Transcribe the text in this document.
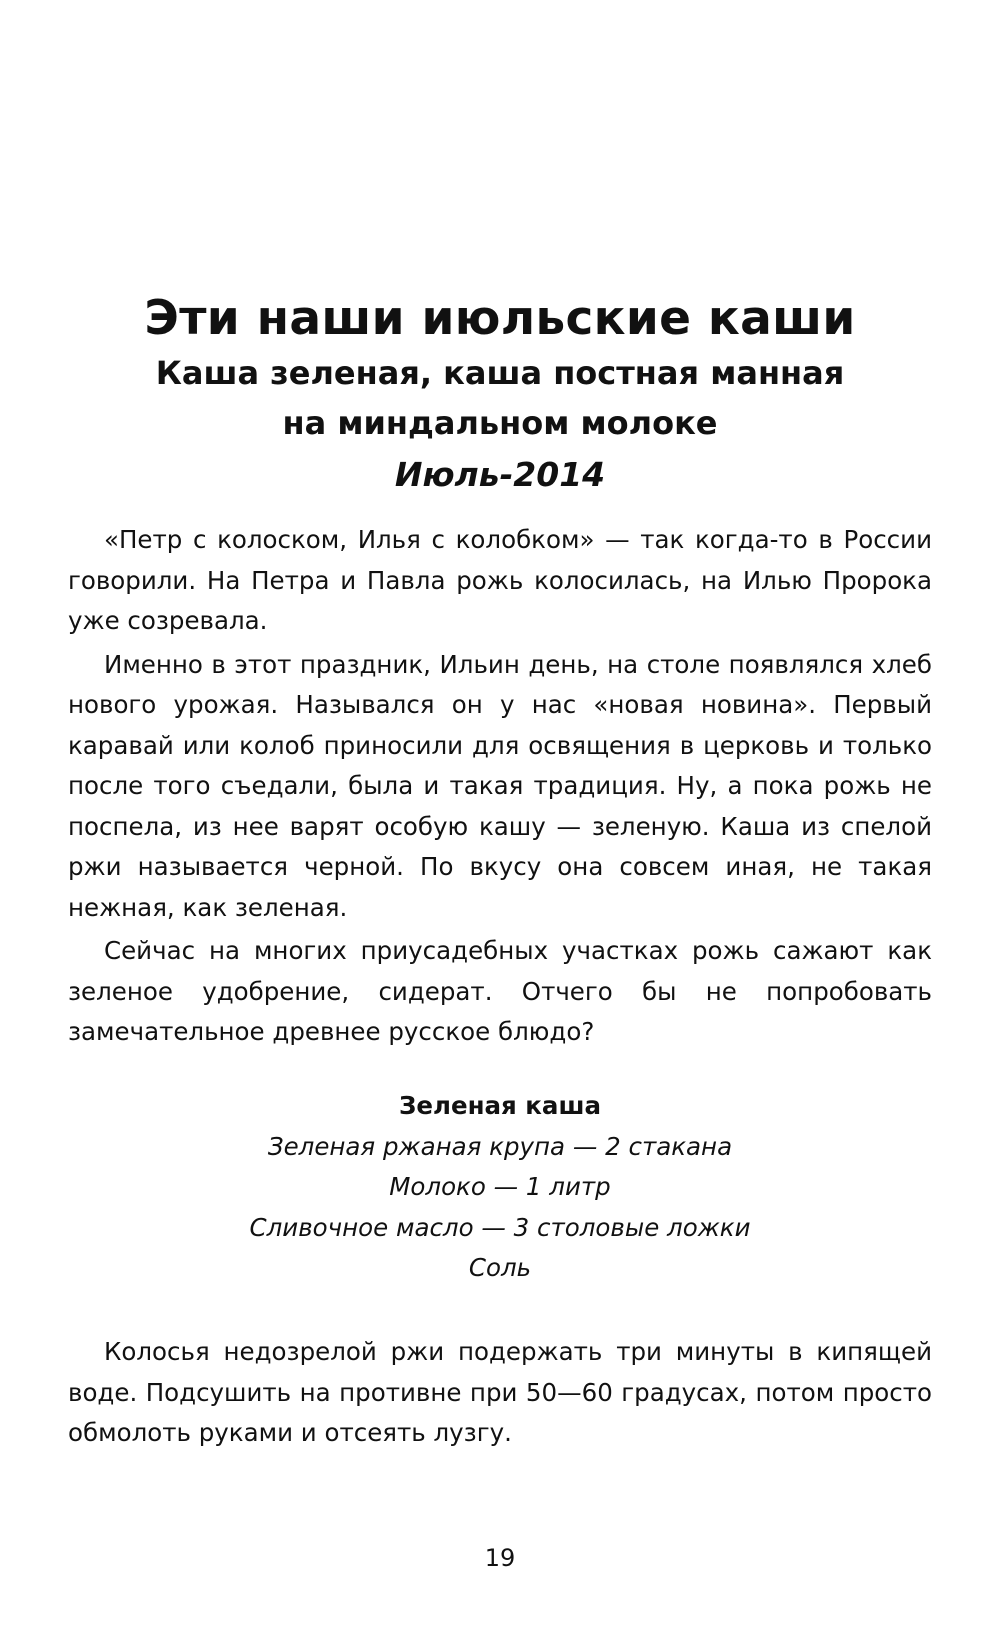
Эти наши июльские каши
Каша зеленая, каша постная манная
на миндальном молоке
Июль-2014

«Петр с колоском, Илья с колобком» — так когда-то в России говорили. На Петра и Павла рожь колосилась, на Илью Пророка уже созревала.

Именно в этот праздник, Ильин день, на столе появлялся хлеб нового урожая. Назывался он у нас «новая новина». Первый каравай или колоб приносили для освящения в церковь и только после того съедали, была и такая традиция. Ну, а пока рожь не поспела, из нее варят особую кашу — зеленую. Каша из спелой ржи называется черной. По вкусу она совсем иная, не такая нежная, как зеленая.

Сейчас на многих приусадебных участках рожь сажают как зеленое удобрение, сидерат. Отчего бы не попробовать замечательное древнее русское блюдо?

Зеленая каша
Зеленая ржаная крупа — 2 стакана
Молоко — 1 литр
Сливочное масло — 3 столовые ложки
Соль

Колосья недозрелой ржи подержать три минуты в кипящей воде. Подсушить на противне при 50—60 градусах, потом просто обмолоть руками и отсеять лузгу.

19
